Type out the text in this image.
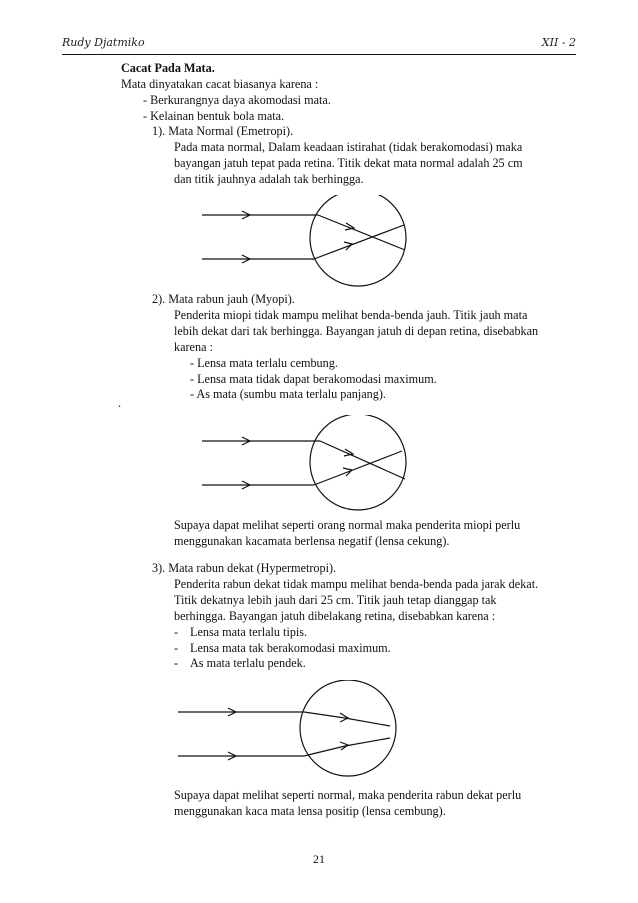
Rudy Djatmiko	XII - 2
Cacat Pada Mata.
Mata dinyatakan cacat biasanya karena :
- Berkurangnya daya akomodasi mata.
- Kelainan bentuk bola mata.
1). Mata Normal (Emetropi).
Pada mata normal, Dalam keadaan istirahat (tidak berakomodasi) maka
bayangan jatuh tepat pada retina. Titik dekat mata normal adalah 25 cm
dan titik jauhnya adalah tak berhingga.
2). Mata rabun jauh (Myopi).
Penderita miopi tidak mampu melihat benda-benda jauh. Titik jauh mata
lebih dekat dari tak berhingga. Bayangan jatuh di depan retina, disebabkan
karena :
- Lensa mata terlalu cembung.
- Lensa mata tidak dapat berakomodasi maximum.
- As mata (sumbu mata terlalu panjang).
.
Supaya dapat melihat seperti orang normal maka penderita miopi perlu
menggunakan kacamata berlensa negatif (lensa cekung).
3). Mata rabun dekat (Hypermetropi).
Penderita rabun dekat tidak mampu melihat benda-benda pada jarak dekat.
Titik dekatnya lebih jauh dari 25 cm. Titik jauh tetap dianggap tak
berhingga. Bayangan jatuh dibelakang retina, disebabkan karena :
- Lensa mata terlalu tipis.
- Lensa mata tak berakomodasi maximum.
- As mata terlalu pendek.
Supaya dapat melihat seperti normal, maka penderita rabun dekat perlu
menggunakan kaca mata lensa positip (lensa cembung).
21
